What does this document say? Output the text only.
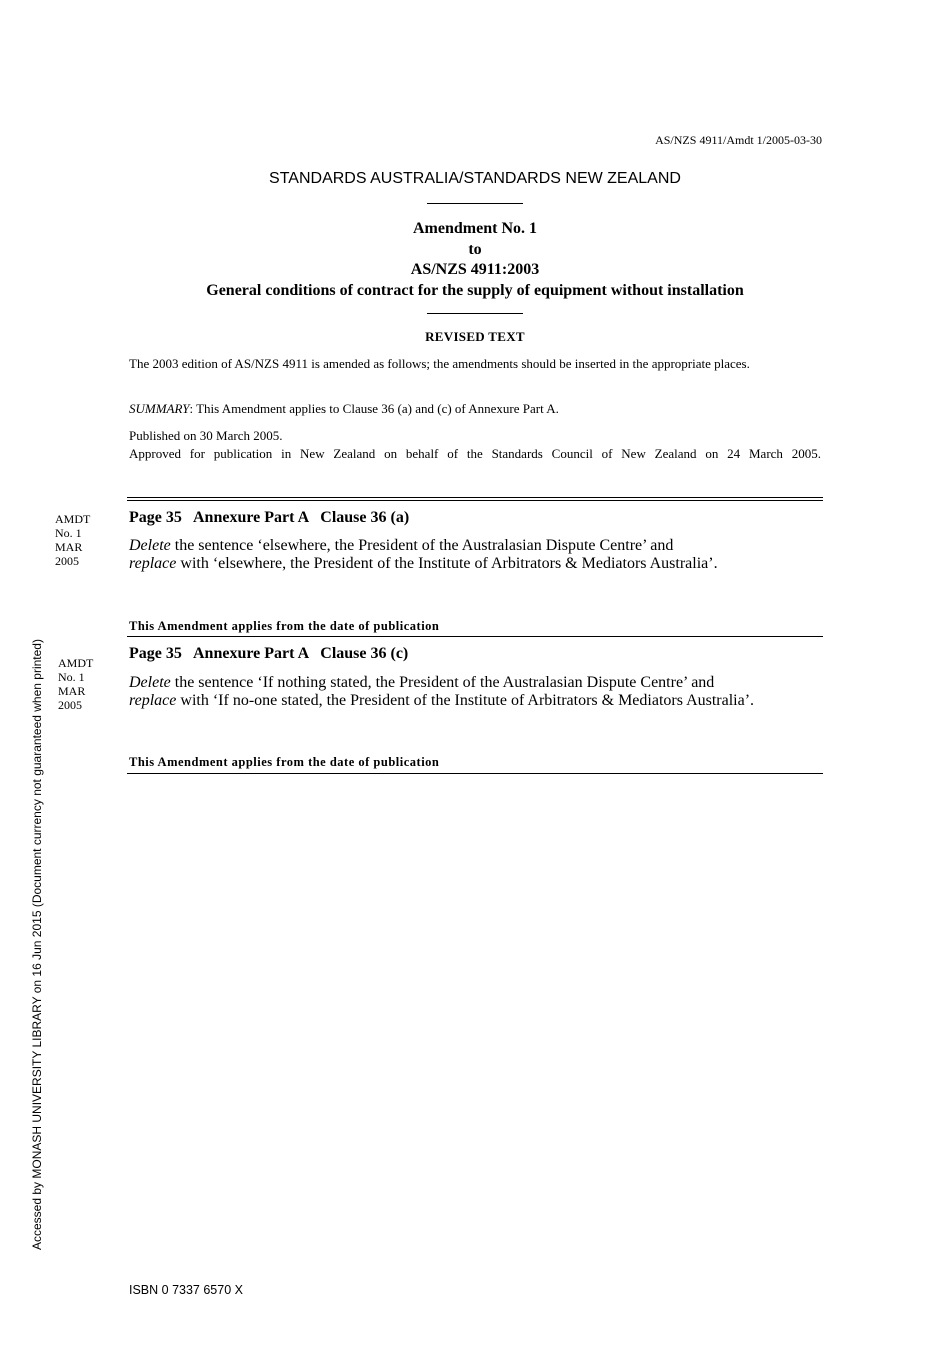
AS/NZS 4911/Amdt 1/2005-03-30
STANDARDS AUSTRALIA/STANDARDS NEW ZEALAND
Amendment No. 1
to
AS/NZS 4911:2003
General conditions of contract for the supply of equipment without installation
REVISED TEXT
The 2003 edition of AS/NZS 4911 is amended as follows; the amendments should be inserted in the appropriate places.
SUMMARY: This Amendment applies to Clause 36 (a) and (c) of Annexure Part A.
Published on 30 March 2005.
Approved for publication in New Zealand on behalf of the Standards Council of New Zealand on 24 March 2005.
AMDT
No. 1
MAR
2005
Page 35 Annexure Part A Clause 36 (a)
Delete the sentence ‘elsewhere, the President of the Australasian Dispute Centre’ and
replace with ‘elsewhere, the President of the Institute of Arbitrators & Mediators Australia’.
This Amendment applies from the date of publication
AMDT
No. 1
MAR
2005
Page 35 Annexure Part A Clause 36 (c)
Delete the sentence ‘If nothing stated, the President of the Australasian Dispute Centre’ and
replace with ‘If no-one stated, the President of the Institute of Arbitrators & Mediators Australia’.
This Amendment applies from the date of publication
Accessed by MONASH UNIVERSITY LIBRARY on 16 Jun 2015 (Document currency not guaranteed when printed)
ISBN 0 7337 6570 X
